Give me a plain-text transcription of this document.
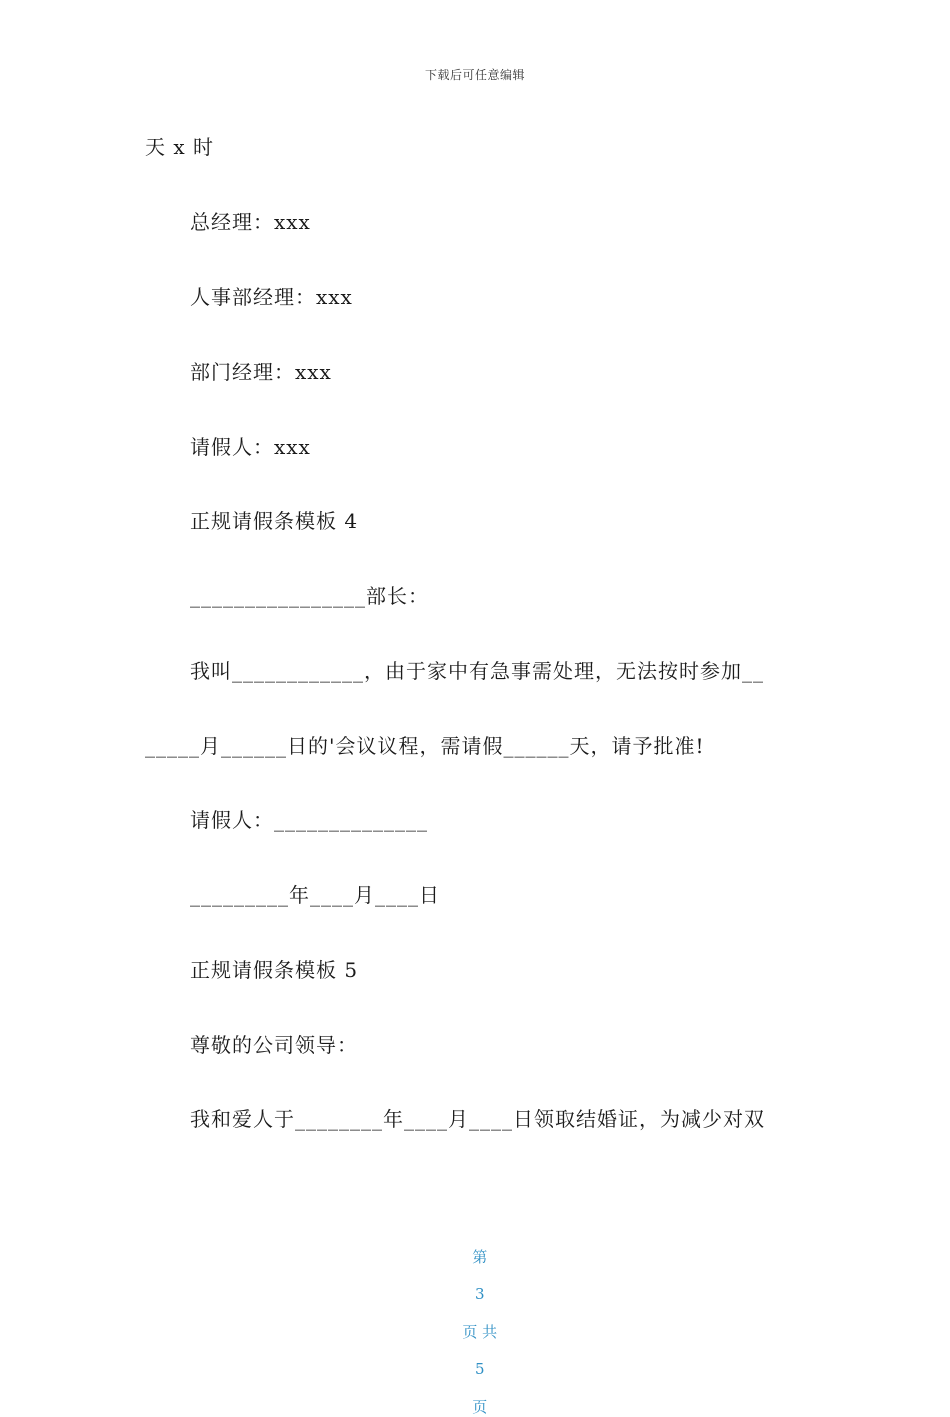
下载后可任意编辑
天 x 时
总经理：xxx
人事部经理：xxx
部门经理：xxx
请假人：xxx
正规请假条模板 4
________________部长：
我叫____________，由于家中有急事需处理，无法按时参加__
_____月______日的'会议议程，需请假______天，请予批准!
请假人：______________
_________年____月____日
正规请假条模板 5
尊敬的公司领导：
我和爱人于________年____月____日领取结婚证，为减少对双

第

3

页 共

5

页
